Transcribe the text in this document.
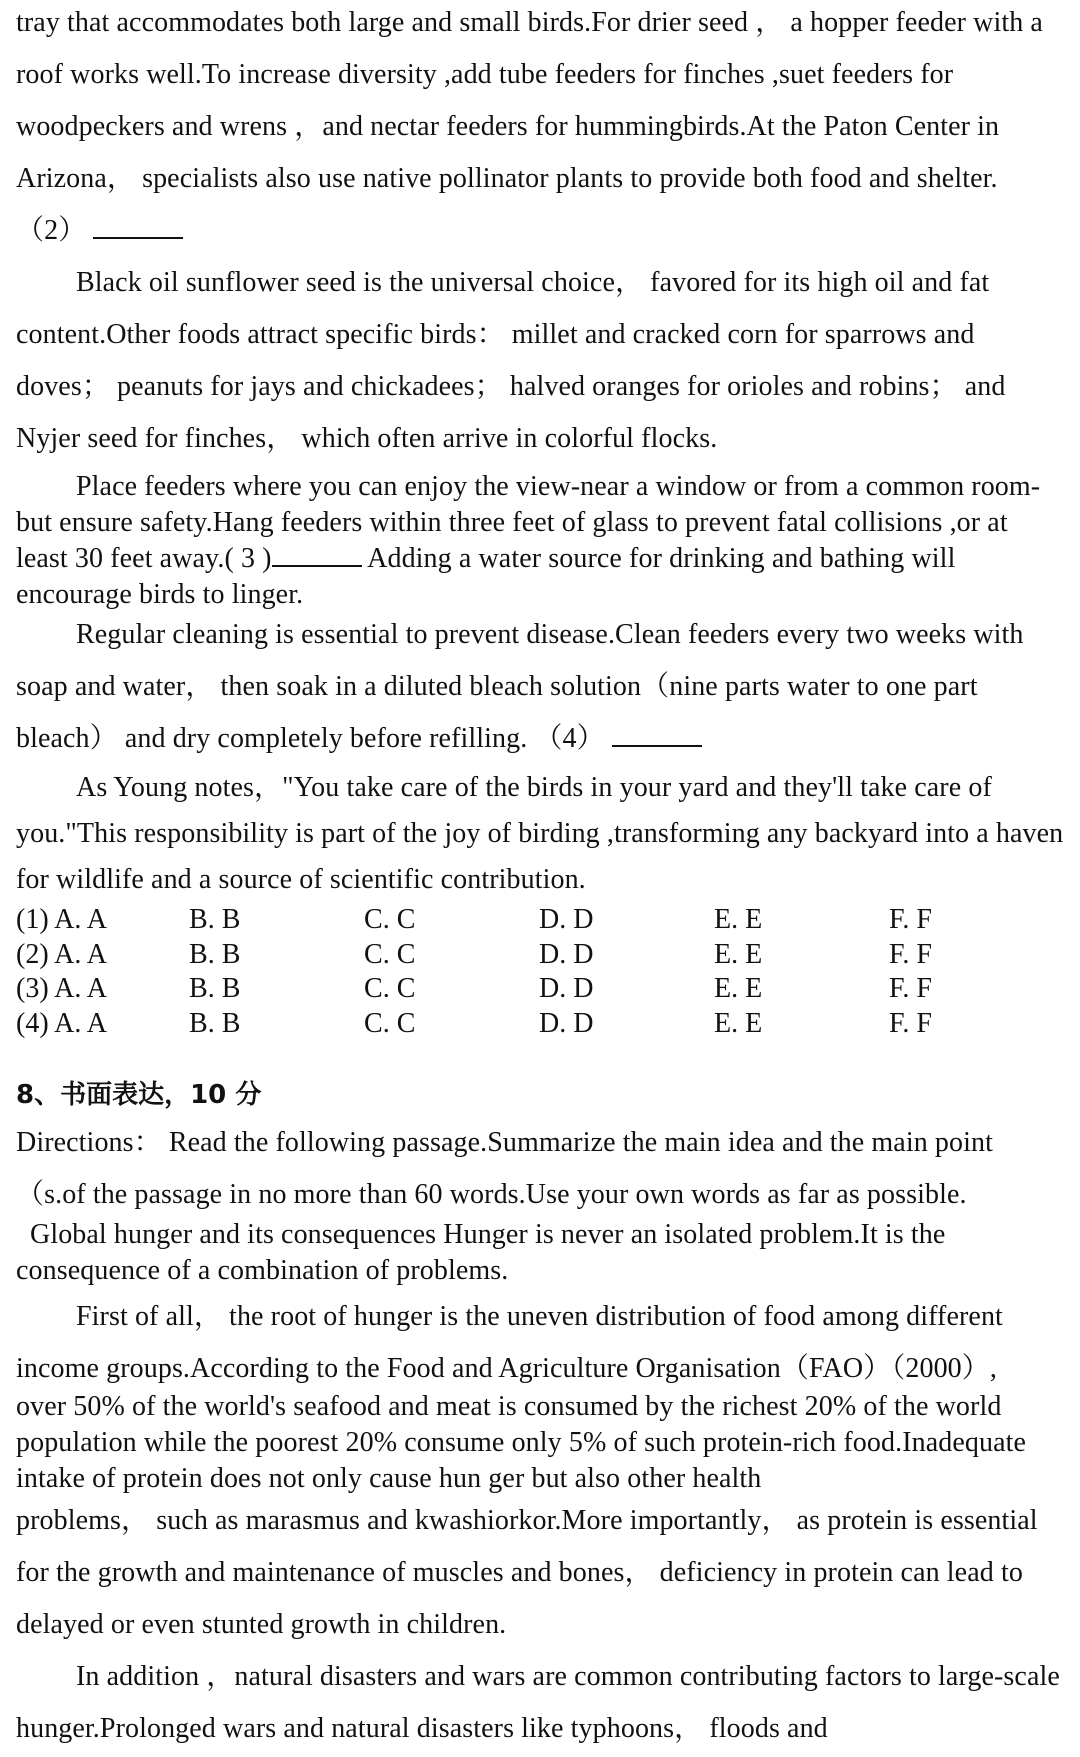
tray that accommodates both large and small birds.For drier seed ， a hopper feeder with a roof works well.To increase diversity ,add tube feeders for finches ,suet feeders for woodpeckers and wrens ，and nectar feeders for hummingbirds.At the Paton Center in Arizona， specialists also use native pollinator plants to provide both food and shelter. （2）

Black oil sunflower seed is the universal choice， favored for its high oil and fat content.Other foods attract specific birds： millet and cracked corn for sparrows and doves； peanuts for jays and chickadees； halved oranges for orioles and robins； and Nyjer seed for finches， which often arrive in colorful flocks.

Place feeders where you can enjoy the view-near a window or from a common room-but ensure safety.Hang feeders within three feet of glass to prevent fatal collisions ,or at least 30 feet away.( 3 )	Adding a water source for drinking and bathing will encourage birds to linger.

Regular cleaning is essential to prevent disease.Clean feeders every two weeks with soap and water， then soak in a diluted bleach solution（nine parts water to one part bleach） and dry completely before refilling. （4）

As Young notes，"You take care of the birds in your yard and they'll take care of you."This responsibility is part of the joy of birding ,transforming any backyard into a haven for wildlife and a source of scientific contribution.

(1) A. A	B. B	C. C	D. D	E. E	F. F
(2) A. A	B. B	C. C	D. D	E. E	F. F
(3) A. A	B. B	C. C	D. D	E. E	F. F
(4) A. A	B. B	C. C	D. D	E. E	F. F
8、书面表达，10 分

Directions： Read the following passage.Summarize the main idea and the main point （s.of the passage in no more than 60 words.Use your own words as far as possible.

Global hunger and its consequences Hunger is never an isolated problem.It is the consequence of a combination of problems.

First of all， the root of hunger is the uneven distribution of food among different income groups.According to the Food and Agriculture Organisation（FAO）（2000）,

over 50% of the world's seafood and meat is consumed by the richest 20% of the world population while the poorest 20% consume only 5% of such protein-rich food.Inadequate intake of protein does not only cause hun ger but also other health

problems， such as marasmus and kwashiorkor.More importantly， as protein is essential for the growth and maintenance of muscles and bones， deficiency in protein can lead to delayed or even stunted growth in children.

In addition ，natural disasters and wars are common contributing factors to large-scale hunger.Prolonged wars and natural disasters like typhoons， floods and
